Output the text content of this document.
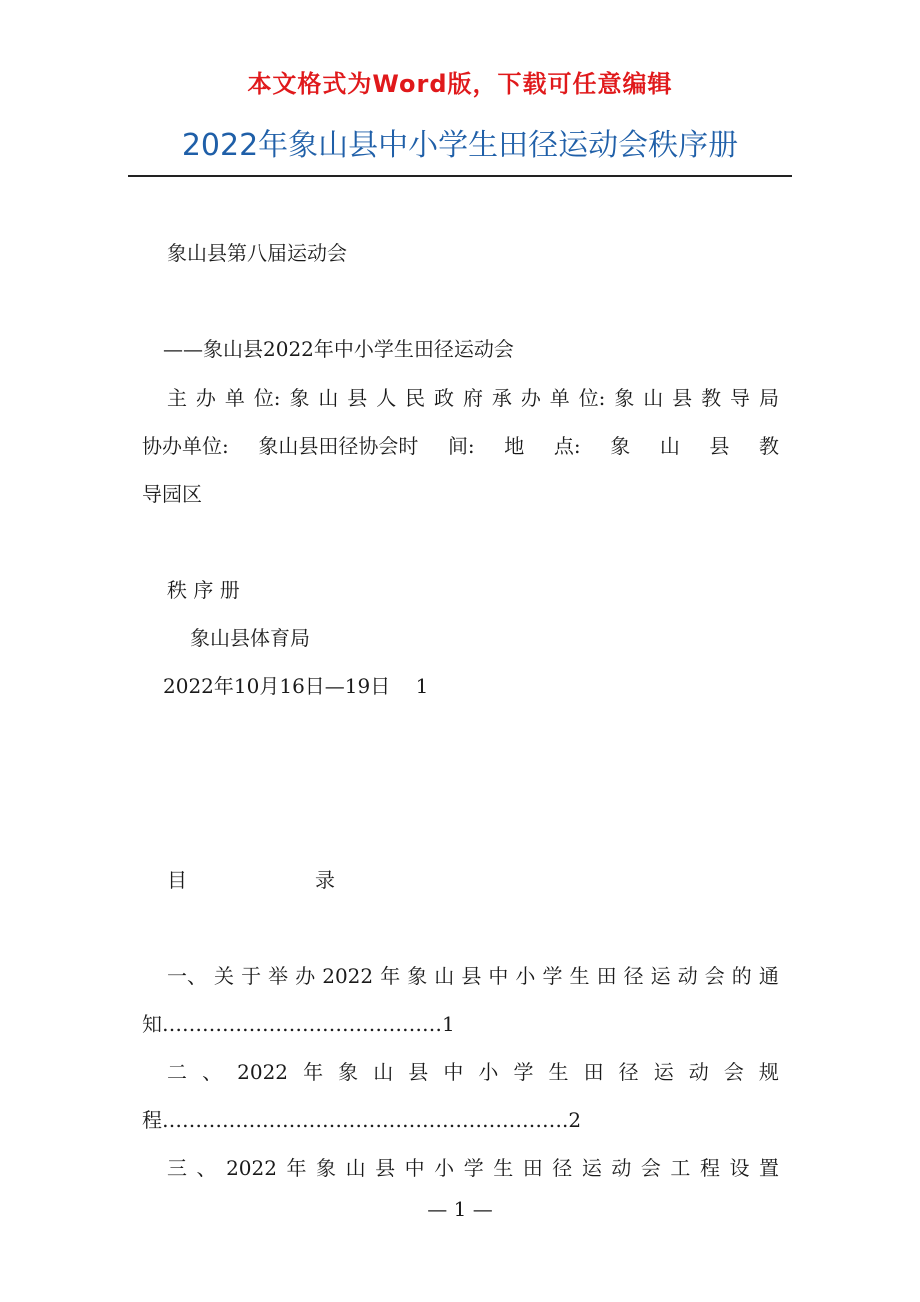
本文格式为Word版，下载可任意编辑
2022年象山县中小学生田径运动会秩序册
象山县第八届运动会
——象山县2022年中小学生田径运动会
主 办 单 位: 象 山 县 人 民 政 府 承 办 单 位: 象 山 县 教 导 局
协办单位: 象山县田径协会时 间: 地 点: 象 山 县 教
导园区
秩 序 册
象山县体育局
2022年10月16日—19日    1
目	录
一、 关 于 举 办 2022 年 象 山 县 中 小 学 生 田 径 运 动 会 的 通
知……………………………………1
二 、 2022 年 象 山 县 中 小 学 生 田 径 运 动 会 规
程…………………………………………………….2
三 、 2022 年 象 山 县 中 小 学 生 田 径 运 动 会 工 程 设 置
— 1 —
